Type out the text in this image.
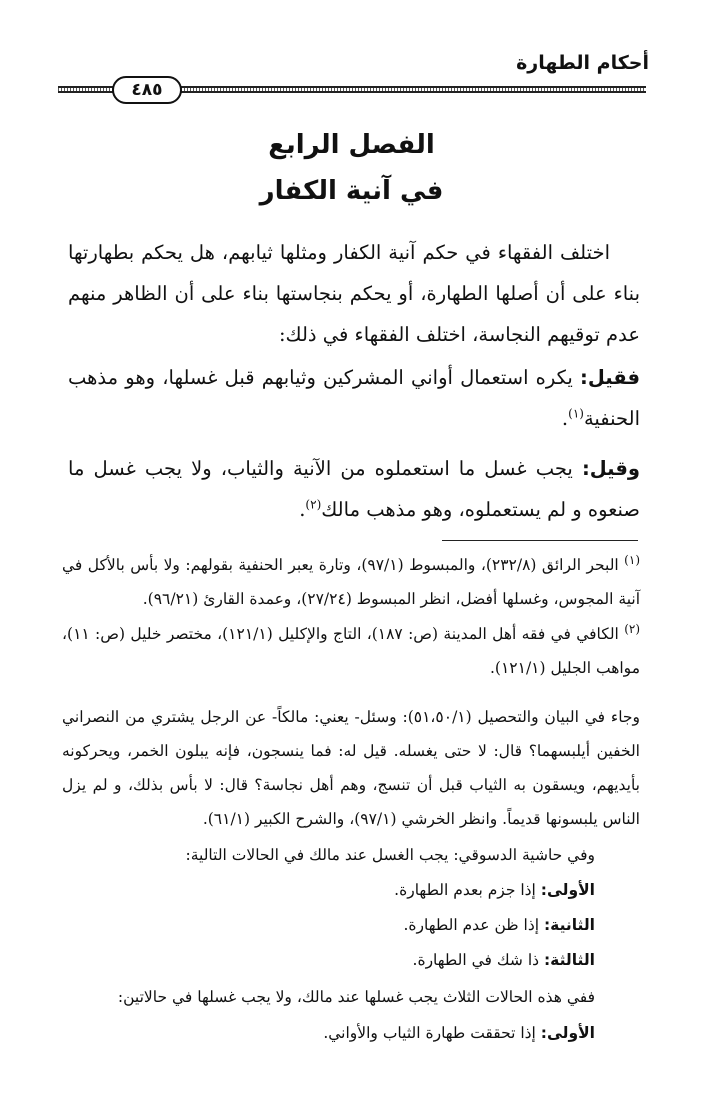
أحكام الطهارة
٤٨٥
الفصل الرابع
في آنية الكفار

اختلف الفقهاء في حكم آنية الكفار ومثلها ثيابهم، هل يحكم بطهارتها بناء على أن أصلها الطهارة، أو يحكم بنجاستها بناء على أن الظاهر منهم عدم توقيهم النجاسة، اختلف الفقهاء في ذلك:

فقيل: يكره استعمال أواني المشركين وثيابهم قبل غسلها، وهو مذهب الحنفية$^{(١)}$.

وقيل: يجب غسل ما استعملوه من الآنية والثياب، ولا يجب غسل ما صنعوه و لم يستعملوه، وهو مذهب مالك$^{(٢)}$.

$^{(١)}$ البحر الرائق (٢٣٢/٨)، والمبسوط (٩٧/١)، وتارة يعبر الحنفية بقولهم: ولا بأس بالأكل في آنية المجوس، وغسلها أفضل، انظر المبسوط (٢٧/٢٤)، وعمدة القارئ (٩٦/٢١).

$^{(٢)}$ الكافي في فقه أهل المدينة (ص: ١٨٧)، التاج والإكليل (١٢١/١)، مختصر خليل (ص: ١١)، مواهب الجليل (١٢١/١).

وجاء في البيان والتحصيل (٥١،٥٠/١): وسئل- يعني: مالكاً- عن الرجل يشتري من النصراني الخفين أيلبسهما؟ قال: لا حتى يغسله. قيل له: فما ينسجون، فإنه يبلون الخمر، ويحركونه بأيديهم، ويسقون به الثياب قبل أن تنسج، وهم أهل نجاسة؟ قال: لا بأس بذلك، و لم يزل الناس يلبسونها قديماً. وانظر الخرشي (٩٧/١)، والشرح الكبير (٦١/١).

وفي حاشية الدسوقي: يجب الغسل عند مالك في الحالات التالية:
الأولى: إذا جزم بعدم الطهارة.
الثانية: إذا ظن عدم الطهارة.
الثالثة: ذا شك في الطهارة.
ففي هذه الحالات الثلاث يجب غسلها عند مالك، ولا يجب غسلها في حالاتين:
الأولى: إذا تحققت طهارة الثياب والأواني.
